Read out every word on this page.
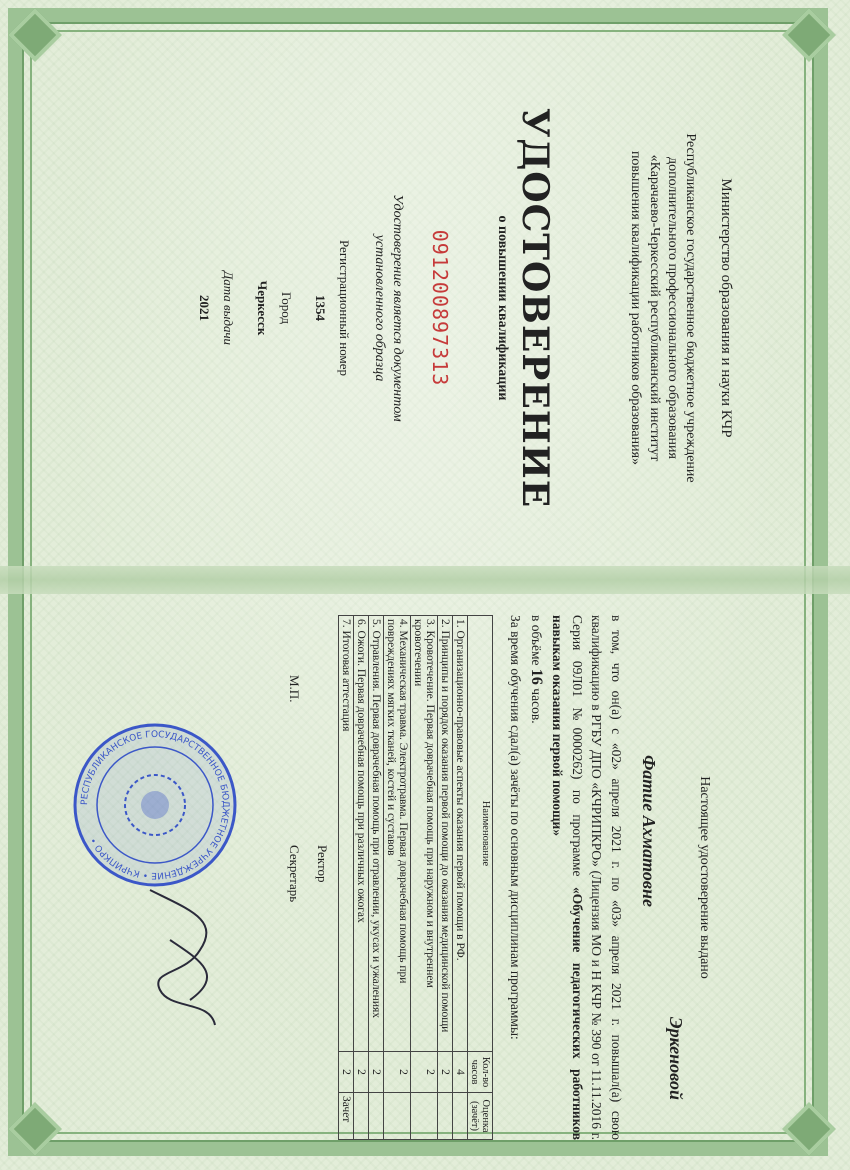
Министерство образования и науки КЧР
Республиканское государственное бюджетное учреждение
дополнительного профессионального образования
«Карачаево-Черкесский республиканский институт
повышения квалификации работников образования»
УДОСТОВЕРЕНИЕ
о повышении квалификации
091200897313
Удостоверение является документом
установленного образца
Регистрационный номер
1354
Город
Черкесск
Дата выдачи
2021
Настоящее удостоверение выдано
Эркеновой
Фатие Ахматовне
в том, что он(а) с «02» апреля 2021 г. по «03» апреля 2021 г. повышал(а) свою квалификацию в РГБУ ДПО «КЧРИПКРО» (Лицензия МО и Н КЧР № 390 от 11.11.2016 г. Серия 09Л01 №0000262) по программе «Обучение педагогических работников навыкам оказания первой помощи»
в объёме 16 часов.
За время обучения сдал(а) зачёты по основным дисциплинам программы:
Наименование	Кол-во часов	Оценка (зачёт)
1. Организационно-правовые аспекты оказания первой помощи в РФ.	4	
2. Принципы и порядок оказания первой помощи до оказания медицинской помощи	2	
3. Кровотечение. Первая доврачебная помощь при наружном и внутреннем кровотечении	2	
4. Механическая травма. Электротравма. Первая доврачебная помощь при повреждениях мягких тканей, костей и суставов	2	
5. Отравления. Первая доврачебная помощь при отравлении, укусах и ужалениях	2	
6. Ожоги. Первая доврачебная помощь при различных ожогах	2	
7. Итоговая аттестация	2	Зачет
Ректор
М.П.
Секретарь
РЕСПУБЛИКАНСКОЕ ГОСУДАРСТВЕННОЕ БЮДЖЕТНОЕ УЧРЕЖДЕНИЕ • КЧРИПКРО •
